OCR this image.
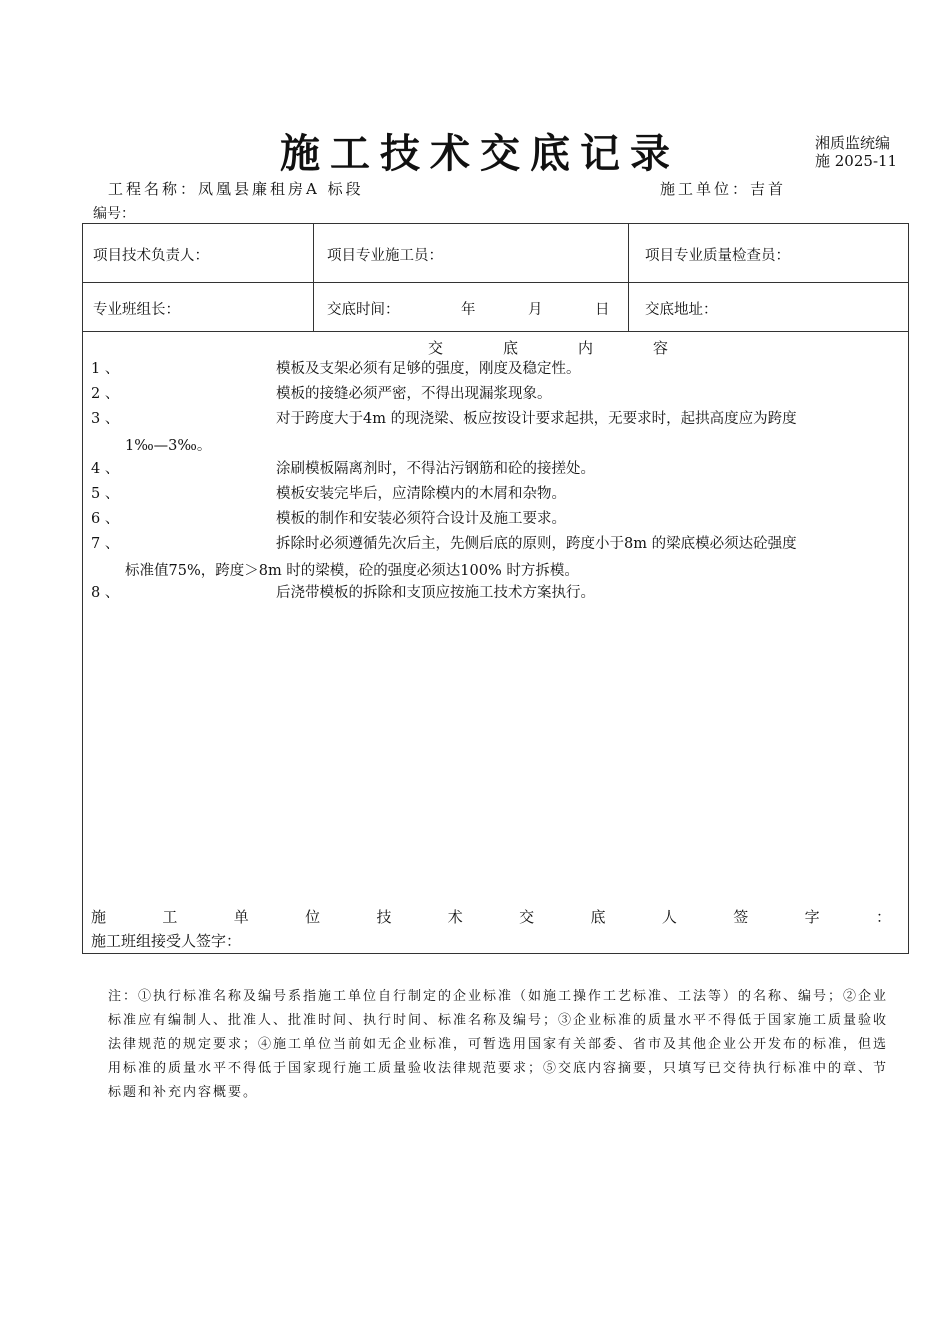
施工技术交底记录	湘质监统编
施 2025-11
工程名称：凤凰县廉租房A 标段	施工单位：吉首
编号：
项目技术负责人：	项目专业施工员：	项目专业质量检查员：
专业班组长：	交底时间：	年	月	日 交底地址：
交	底	内	容
1 、	模板及支架必须有足够的强度，刚度及稳定性。
2 、	模板的接缝必须严密，不得出现漏浆现象。
3 、	对于跨度大于4m 的现浇梁、板应按设计要求起拱，无要求时，起拱高度应为跨度
1‰—3‰。
4 、	涂刷模板隔离剂时，不得沾污钢筋和砼的接搓处。
5 、	模板安装完毕后，应清除模内的木屑和杂物。
6 、	模板的制作和安装必须符合设计及施工要求。
7 、	拆除时必须遵循先次后主，先侧后底的原则，跨度小于8m 的梁底模必须达砼强度
标准值75%，跨度＞8m 时的梁模，砼的强度必须达100% 时方拆模。
8 、	后浇带模板的拆除和支顶应按施工技术方案执行。
施	工	单	位	技	术	交	底	人	签	字	：
施工班组接受人签字：
注：①执行标准名称及编号系指施工单位自行制定的企业标准（如施工操作工艺标准、工法等）的名称、编号；②企业标准应有编制人、批准人、批准时间、执行时间、标准名称及编号；③企业标准的质量水平不得低于国家施工质量验收法律规范的规定要求；④施工单位当前如无企业标准，可暂选用国家有关部委、省市及其他企业公开发布的标准，但选用标准的质量水平不得低于国家现行施工质量验收法律规范要求；⑤交底内容摘要，只填写已交待执行标准中的章、节标题和补充内容概要。
